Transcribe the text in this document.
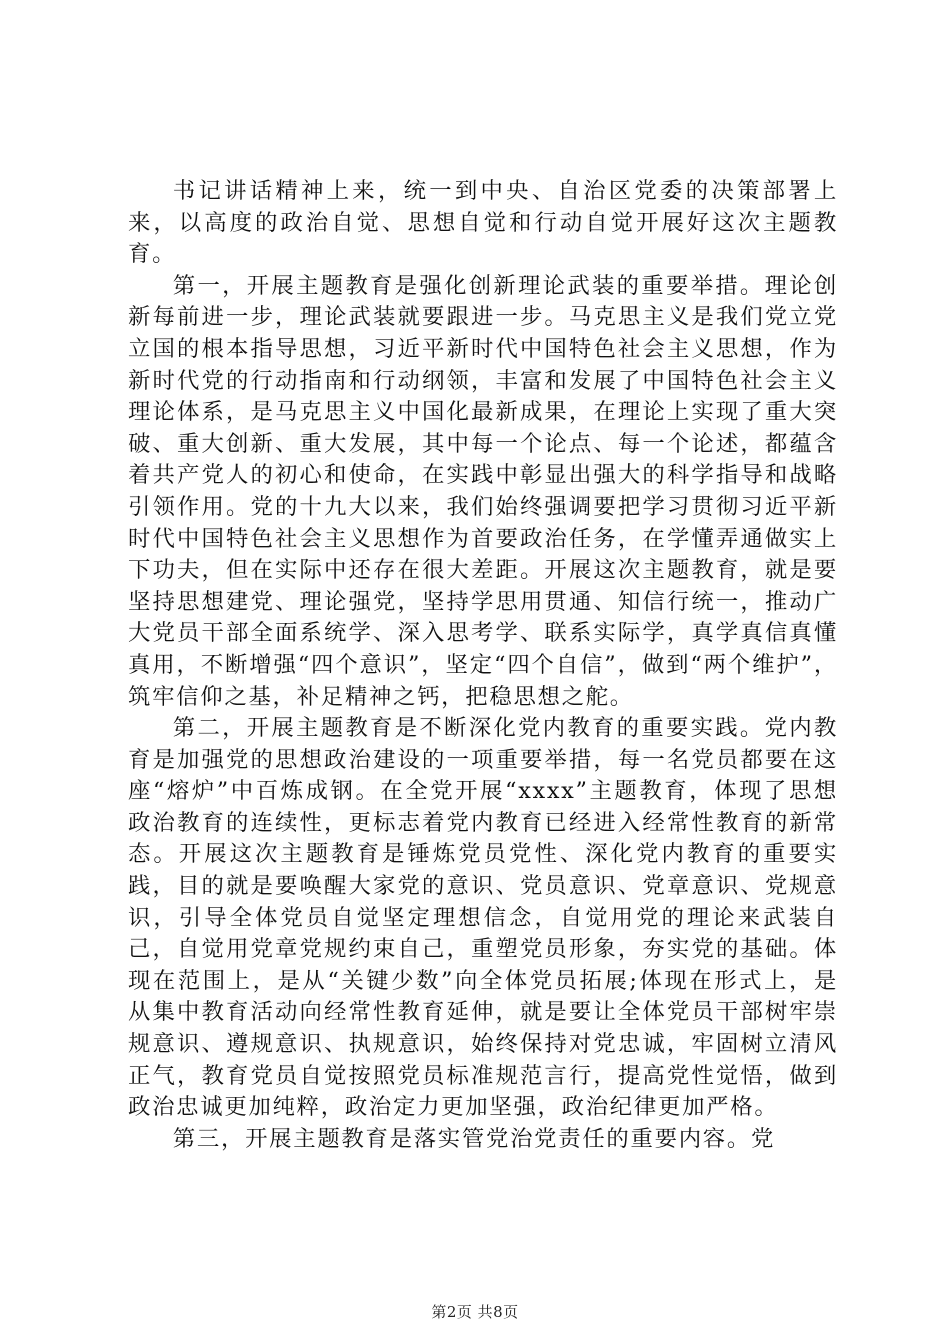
书记讲话精神上来，统一到中央、自治区党委的决策部署上来，以高度的政治自觉、思想自觉和行动自觉开展好这次主题教育。

第一，开展主题教育是强化创新理论武装的重要举措。理论创新每前进一步，理论武装就要跟进一步。马克思主义是我们党立党立国的根本指导思想，习近平新时代中国特色社会主义思想，作为新时代党的行动指南和行动纲领，丰富和发展了中国特色社会主义理论体系，是马克思主义中国化最新成果，在理论上实现了重大突破、重大创新、重大发展，其中每一个论点、每一个论述，都蕴含着共产党人的初心和使命，在实践中彰显出强大的科学指导和战略引领作用。党的十九大以来，我们始终强调要把学习贯彻习近平新时代中国特色社会主义思想作为首要政治任务，在学懂弄通做实上下功夫，但在实际中还存在很大差距。开展这次主题教育，就是要坚持思想建党、理论强党，坚持学思用贯通、知信行统一，推动广大党员干部全面系统学、深入思考学、联系实际学，真学真信真懂真用，不断增强“四个意识”，坚定“四个自信”，做到“两个维护”，筑牢信仰之基，补足精神之钙，把稳思想之舵。

第二，开展主题教育是不断深化党内教育的重要实践。党内教育是加强党的思想政治建设的一项重要举措，每一名党员都要在这座“熔炉”中百炼成钢。在全党开展“xxxx”主题教育，体现了思想政治教育的连续性，更标志着党内教育已经进入经常性教育的新常态。开展这次主题教育是锤炼党员党性、深化党内教育的重要实践，目的就是要唤醒大家党的意识、党员意识、党章意识、党规意识，引导全体党员自觉坚定理想信念，自觉用党的理论来武装自己，自觉用党章党规约束自己，重塑党员形象，夯实党的基础。体现在范围上，是从“关键少数”向全体党员拓展;体现在形式上，是从集中教育活动向经常性教育延伸，就是要让全体党员干部树牢崇规意识、遵规意识、执规意识，始终保持对党忠诚，牢固树立清风正气，教育党员自觉按照党员标准规范言行，提高党性觉悟，做到政治忠诚更加纯粹，政治定力更加坚强，政治纪律更加严格。

第三，开展主题教育是落实管党治党责任的重要内容。党

第2页 共8页
